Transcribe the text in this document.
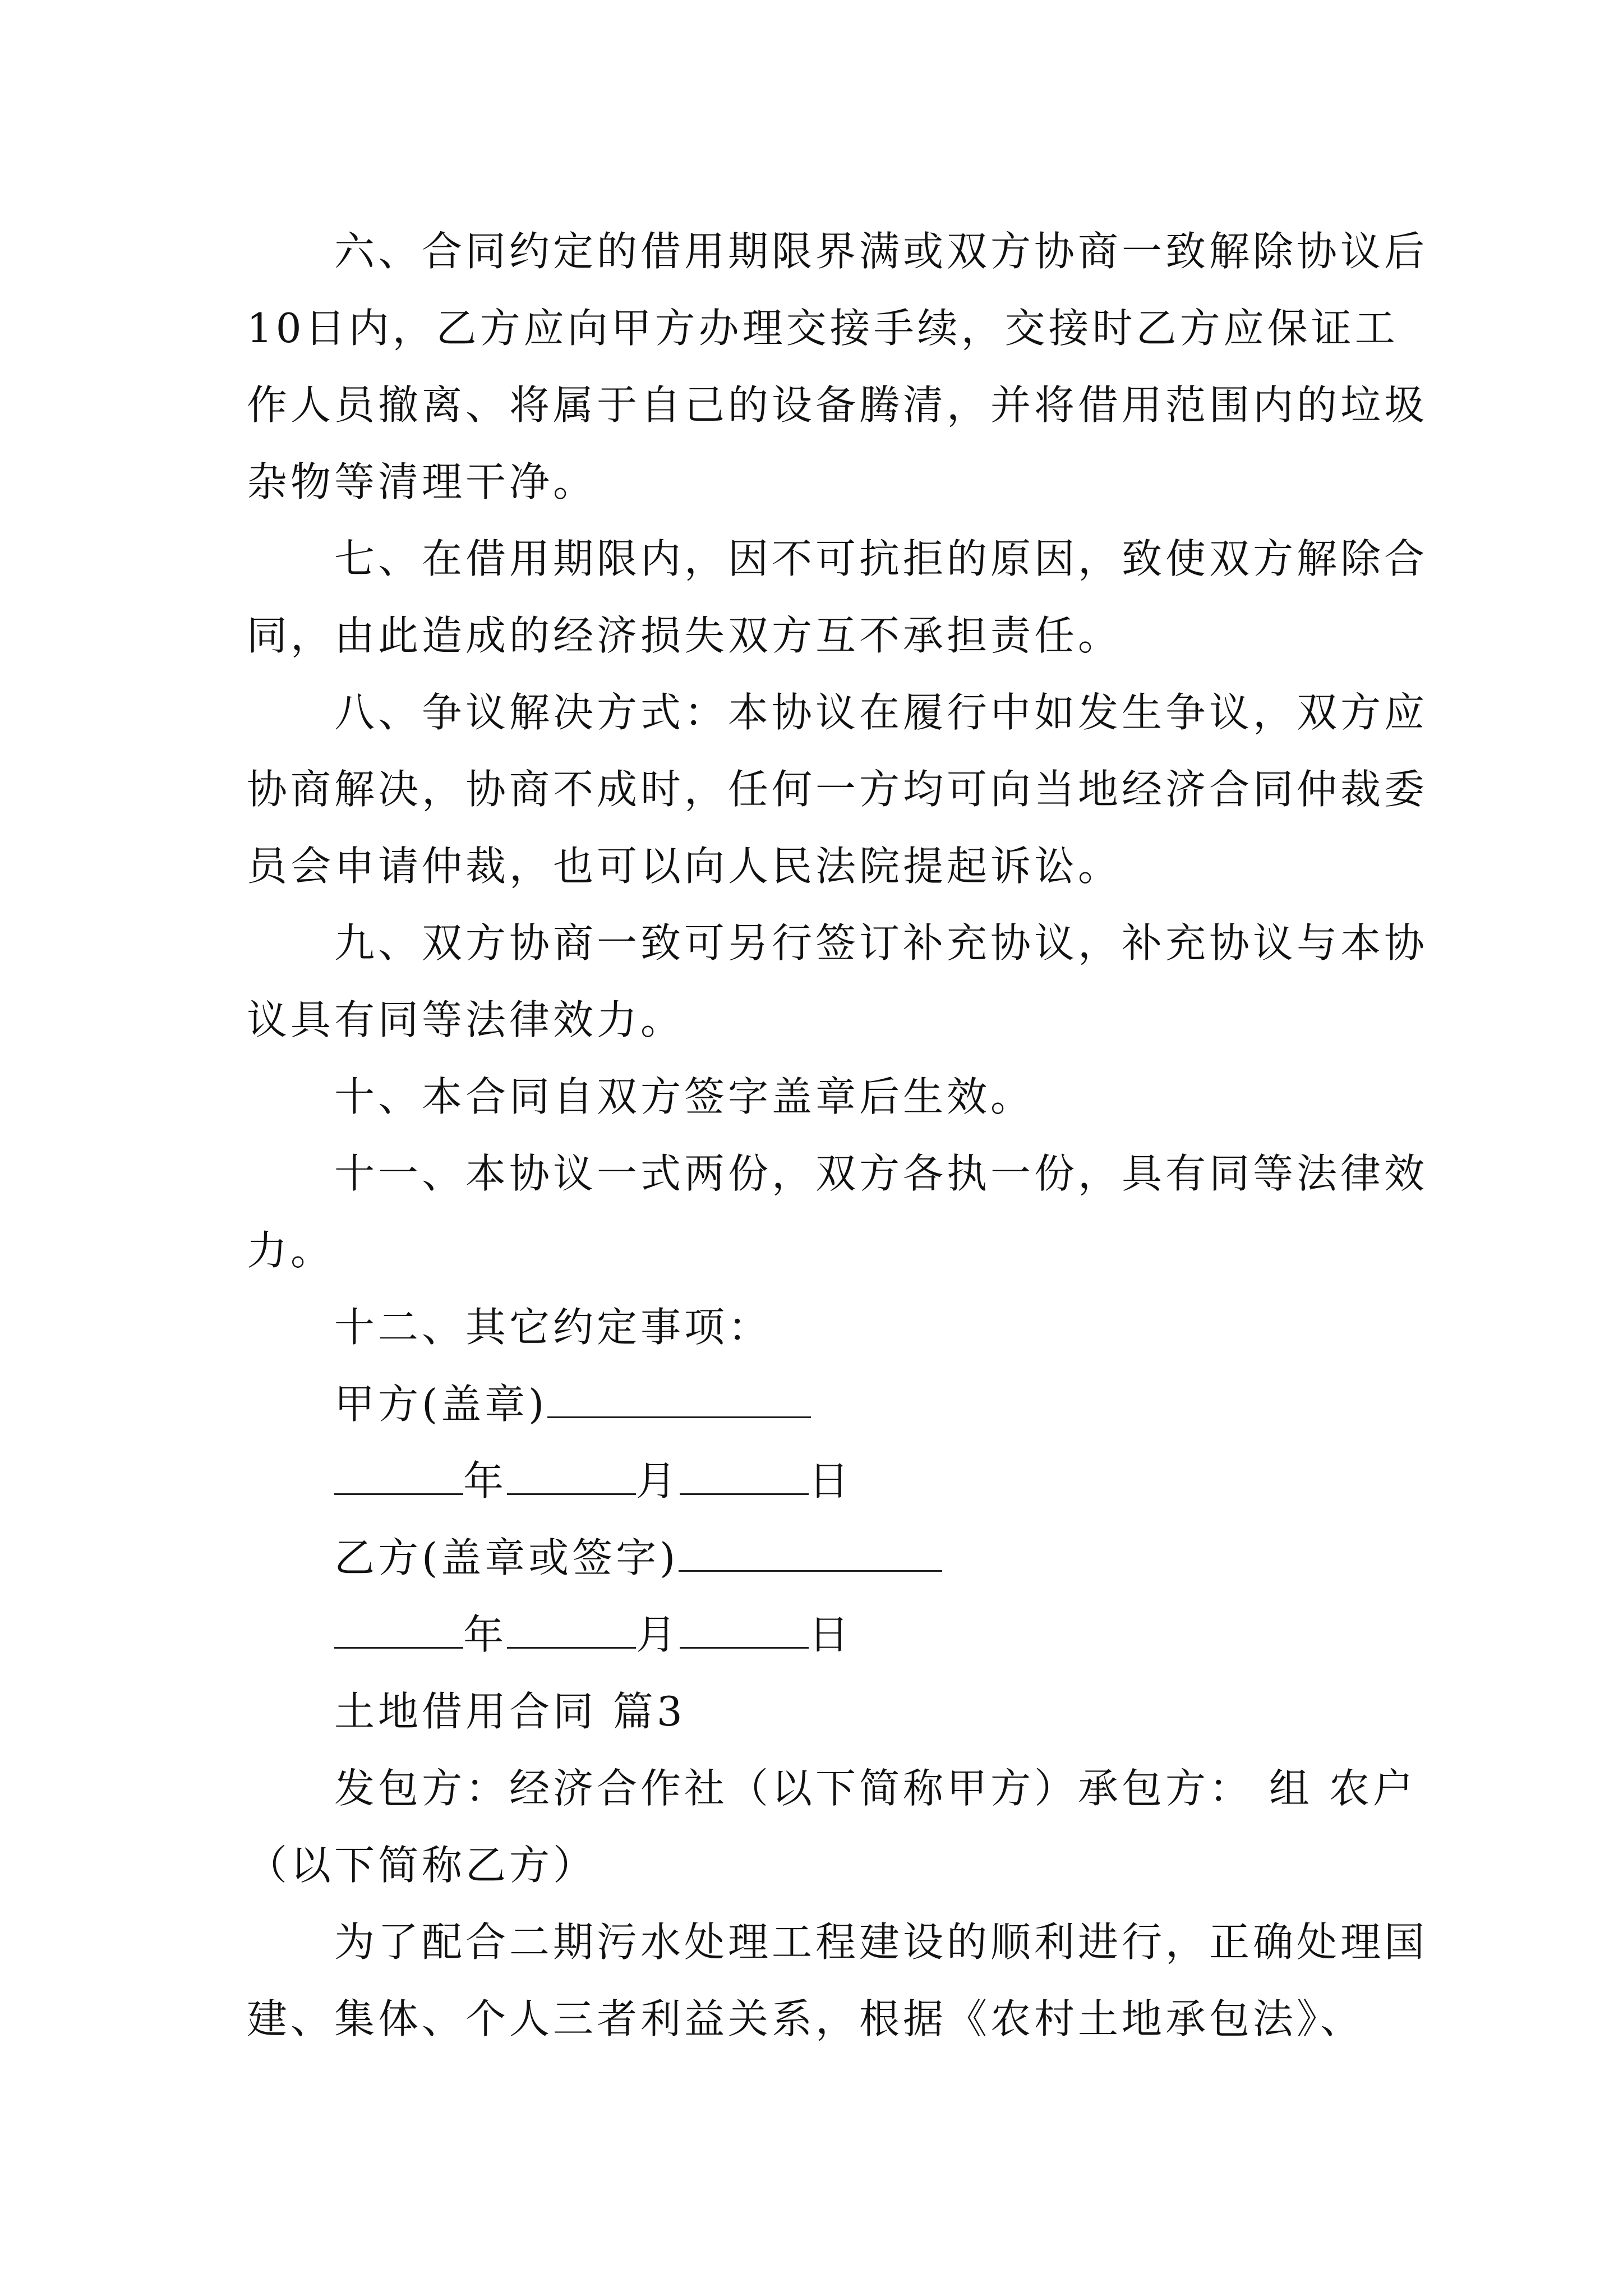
六、合同约定的借用期限界满或双方协商一致解除协议后10日内，乙方应向甲方办理交接手续，交接时乙方应保证工作人员撤离、将属于自己的设备腾清，并将借用范围内的垃圾杂物等清理干净。

七、在借用期限内，因不可抗拒的原因，致使双方解除合同，由此造成的经济损失双方互不承担责任。

八、争议解决方式：本协议在履行中如发生争议，双方应协商解决，协商不成时，任何一方均可向当地经济合同仲裁委员会申请仲裁，也可以向人民法院提起诉讼。

九、双方协商一致可另行签订补充协议，补充协议与本协议具有同等法律效力。

十、本合同自双方签字盖章后生效。

十一、本协议一式两份，双方各执一份，具有同等法律效力。

十二、其它约定事项：

甲方(盖章)

年	月	日

乙方(盖章或签字)

年	月	日

土地借用合同 篇3

发包方：经济合作社（以下简称甲方）承包方： 组 农户（以下简称乙方）

为了配合二期污水处理工程建设的顺利进行，正确处理国建、集体、个人三者利益关系，根据《农村土地承包法》、
